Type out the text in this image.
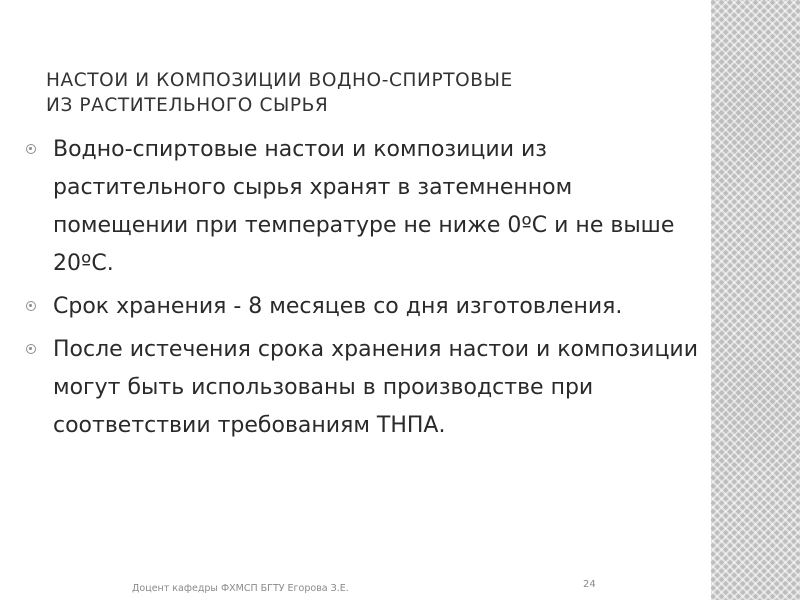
НАСТОИ И КОМПОЗИЦИИ ВОДНО-СПИРТОВЫЕ
ИЗ РАСТИТЕЛЬНОГО СЫРЬЯ
Водно-спиртовые настои и композиции из растительного сырья хранят в затемненном помещении при температуре не ниже 0ºС и не выше 20ºС.
Срок хранения - 8 месяцев со дня изготовления.
После истечения срока хранения настои и композиции могут быть использованы в производстве при соответствии требованиям ТНПА.
Доцент кафедры ФХМСП БГТУ Егорова З.Е.	24
